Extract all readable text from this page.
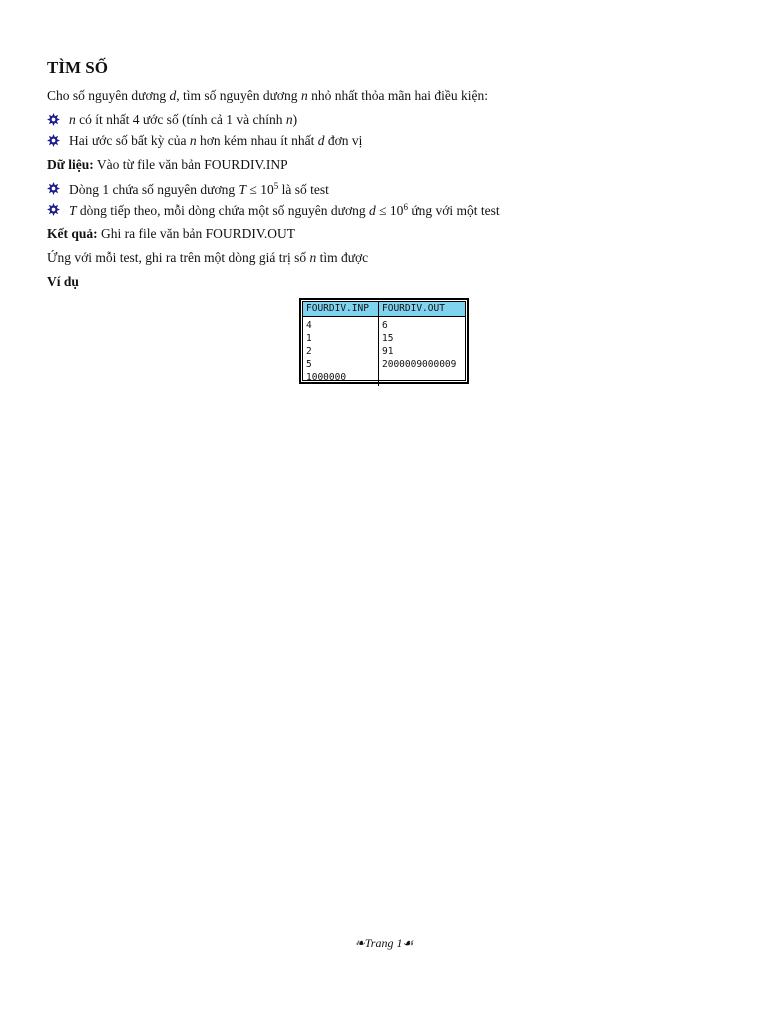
TÌM SỐ
Cho số nguyên dương d, tìm số nguyên dương n nhỏ nhất thỏa mãn hai điều kiện:
n có ít nhất 4 ước số (tính cả 1 và chính n)
Hai ước số bất kỳ của n hơn kém nhau ít nhất d đơn vị
Dữ liệu: Vào từ file văn bản FOURDIV.INP
Dòng 1 chứa số nguyên dương $T \le 10^5$ là số test
T dòng tiếp theo, mỗi dòng chứa một số nguyên dương $d \le 10^6$ ứng với một test
Kết quả: Ghi ra file văn bản FOURDIV.OUT
Ứng với mỗi test, ghi ra trên một dòng giá trị số n tìm được
Ví dụ
FOURDIV.INP	FOURDIV.OUT
4
1
2
5
1000000
6
15
91
2000009000009
❧Trang 1☙
